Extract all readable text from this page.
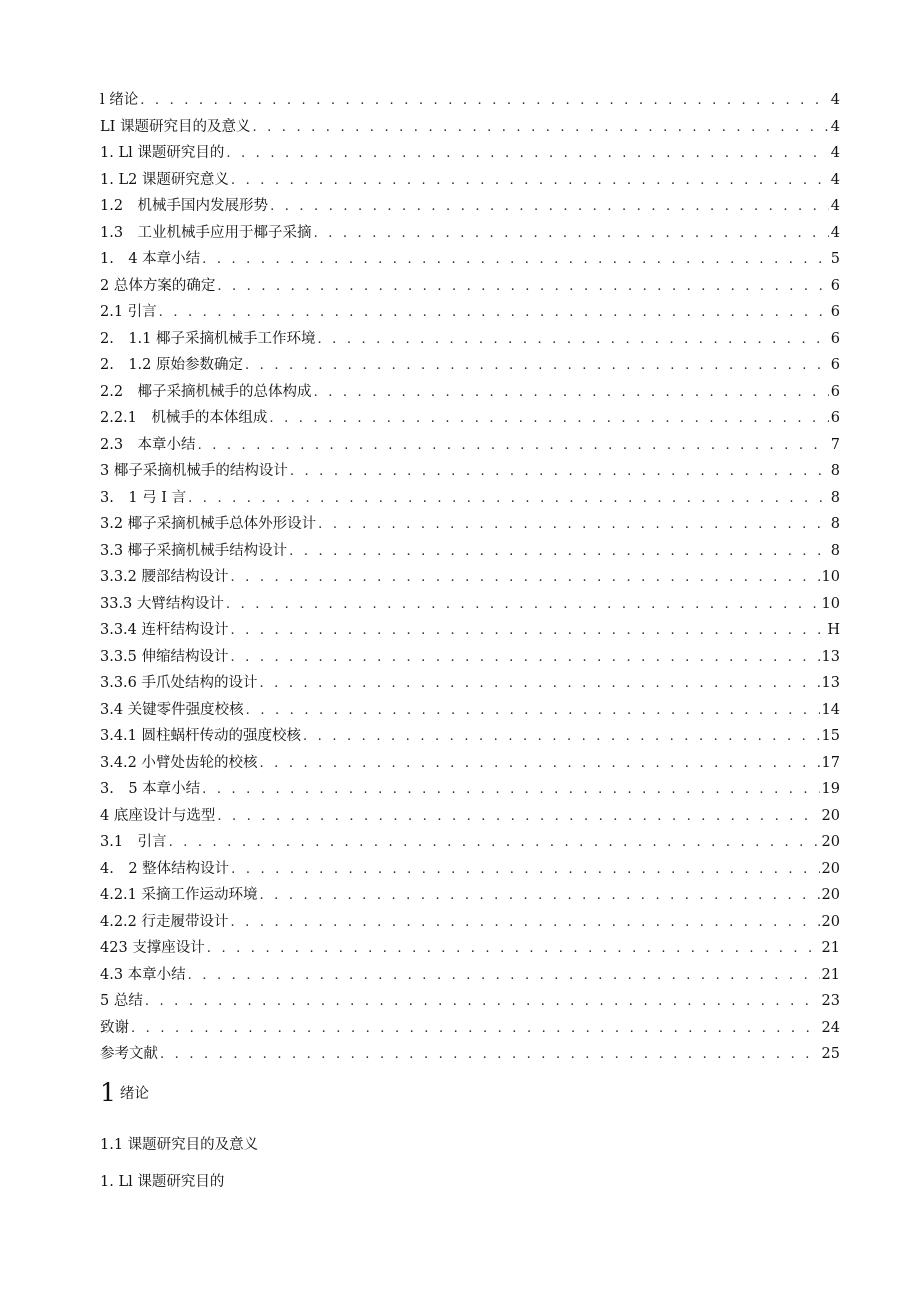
l 绪论 . . .	4
LI 课题研究目的及意义 . . .	4
1. Ll 课题研究目的 . . .	4
1. L2 课题研究意义 . . .	4
1.2　机械手国内发展形势 . . .	4
1.3　工业机械手应用于椰子采摘 . . .	4
1.　4 本章小结 . . .	5
2 总体方案的确定 . . .	6
2.1 引言 . . .	6
2.　1.1 椰子采摘机械手工作环境 . . .	6
2.　1.2 原始参数确定 . . .	6
2.2　椰子采摘机械手的总体构成 . . .	6
2.2.1　机械手的本体组成 . . .	6
2.3　本章小结 . . .	7
3 椰子采摘机械手的结构设计 . . .	8
3.　1 弓 I 言 . . .	8
3.2 椰子采摘机械手总体外形设计 . . .	8
3.3 椰子采摘机械手结构设计 . . .	8
3.3.2 腰部结构设计 . . .	10
33.3 大臂结构设计 . . .	10
3.3.4 连杆结构设计 . . .	H
3.3.5 伸缩结构设计 . . .	13
3.3.6 手爪处结构的设计 . . .	13
3.4 关键零件强度校核 . . .	14
3.4.1 圆柱蜗杆传动的强度校核 . . .	15
3.4.2 小臂处齿轮的校核 . . .	17
3.　5 本章小结 . . .	19
4 底座设计与选型 . . .	20
3.1　引言 . . .	20
4.　2 整体结构设计 . . .	20
4.2.1 采摘工作运动环境 . . .	20
4.2.2 行走履带设计 . . .	20
423 支撑座设计 . . .	21
4.3 本章小结 . . .	21
5 总结 . . .	23
致谢 . . .	24
参考文献 . . .	25
1 绪论
1.1 课题研究目的及意义
1. Ll 课题研究目的
